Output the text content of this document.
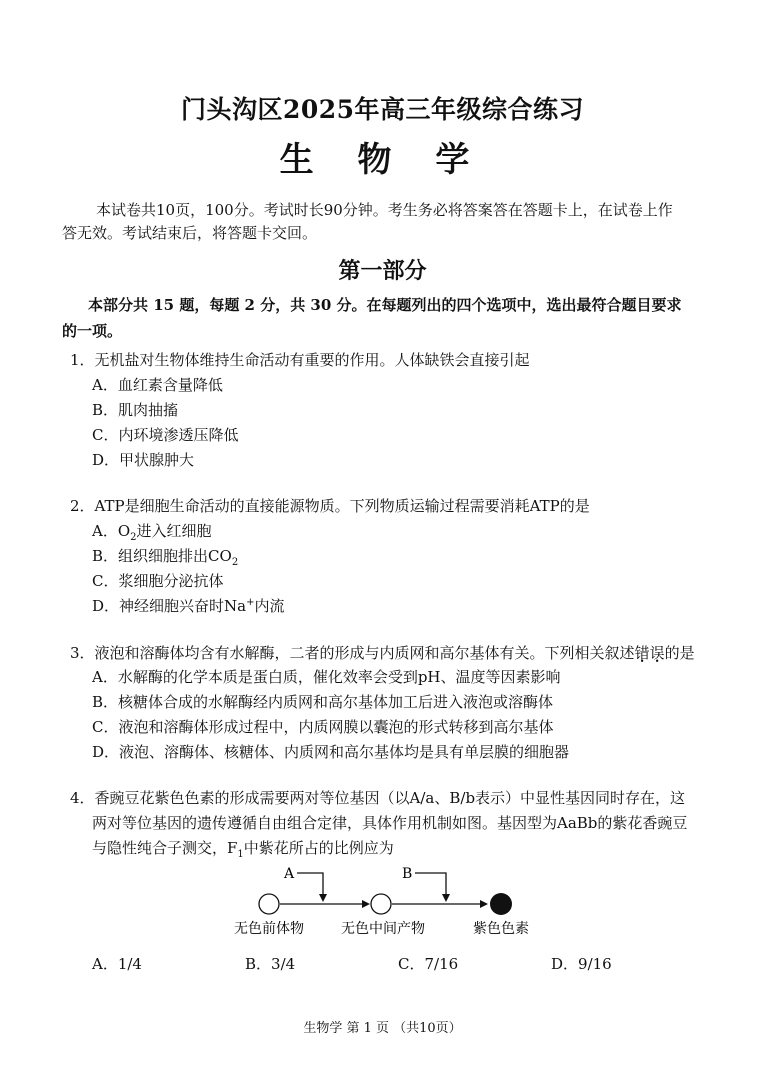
门头沟区2025年高三年级综合练习
生 物 学
本试卷共10页，100分。考试时长90分钟。考生务必将答案答在答题卡上，在试卷上作
答无效。考试结束后，将答题卡交回。
第一部分
本部分共 15 题，每题 2 分，共 30 分。在每题列出的四个选项中，选出最符合题目要求
的一项。
1．无机盐对生物体维持生命活动有重要的作用。人体缺铁会直接引起
A．血红素含量降低
B．肌肉抽搐
C．内环境渗透压降低
D．甲状腺肿大
2．ATP是细胞生命活动的直接能源物质。下列物质运输过程需要消耗ATP的是
A．$O_2$进入红细胞
B．组织细胞排出$CO_2$
C．浆细胞分泌抗体
D．神经细胞兴奋时Na+内流
3．液泡和溶酶体均含有水解酶，二者的形成与内质网和高尔基体有关。下列相关叙述错误的是
A．水解酶的化学本质是蛋白质，催化效率会受到pH、温度等因素影响
B．核糖体合成的水解酶经内质网和高尔基体加工后进入液泡或溶酶体
C．液泡和溶酶体形成过程中，内质网膜以囊泡的形式转移到高尔基体
D．液泡、溶酶体、核糖体、内质网和高尔基体均是具有单层膜的细胞器
4．香豌豆花紫色色素的形成需要两对等位基因（以A/a、B/b表示）中显性基因同时存在，这
两对等位基因的遗传遵循自由组合定律，具体作用机制如图。基因型为AaBb的紫花香豌豆
与隐性纯合子测交，$F_1$中紫花所占的比例应为
A	B
无色前体物	无色中间产物	紫色色素
A．1/4	B．3/4	C．7/16	D．9/16
生物学 第 1 页 （共10页）
